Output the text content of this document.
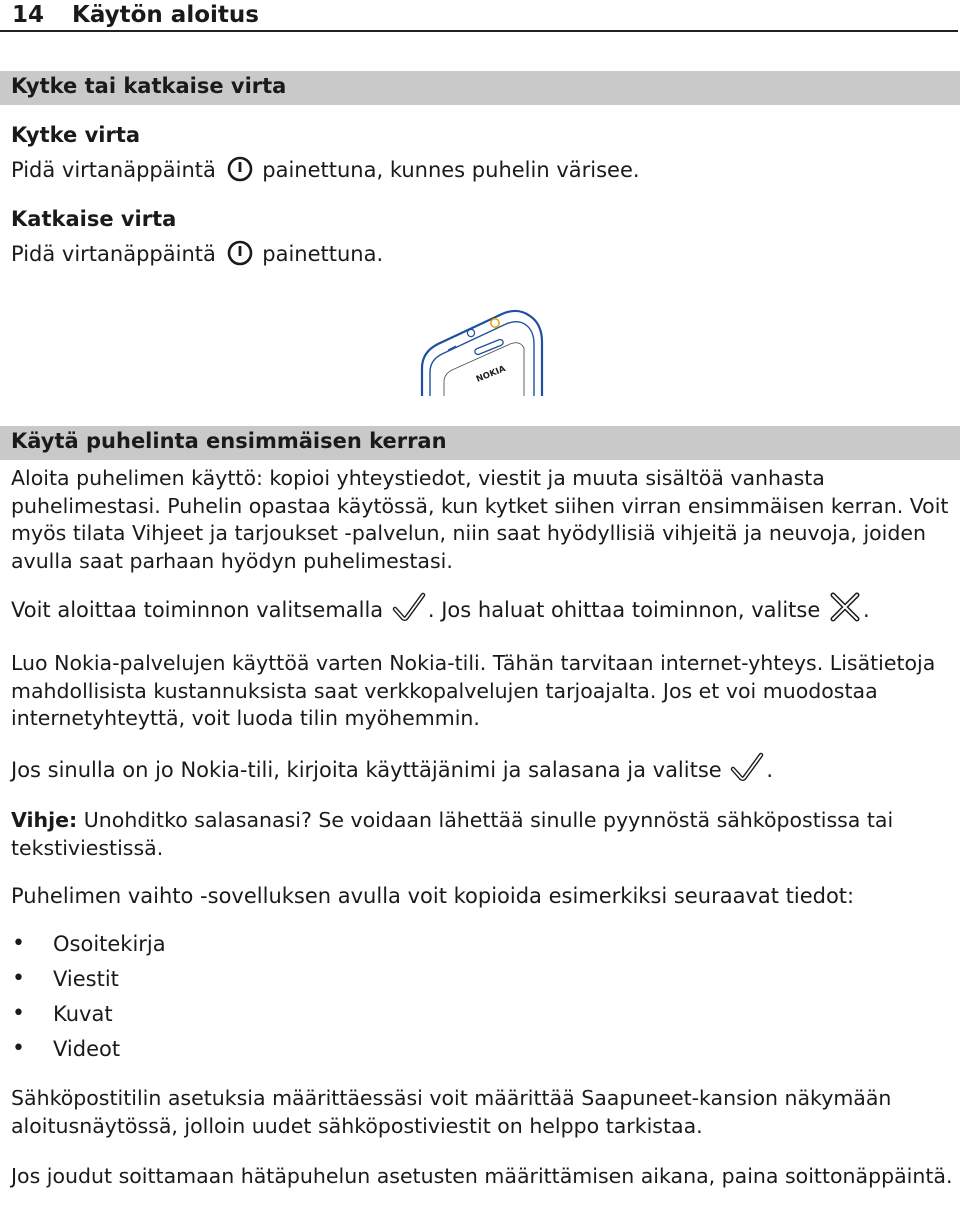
14 Käytön aloitus
Kytke tai katkaise virta
Kytke virta
Pidä virtanäppäintä painettuna, kunnes puhelin värisee.
Katkaise virta
Pidä virtanäppäintä painettuna.
NOKIA
Käytä puhelinta ensimmäisen kerran
Aloita puhelimen käyttö: kopioi yhteystiedot, viestit ja muuta sisältöä vanhasta puhelimestasi. Puhelin opastaa käytössä, kun kytket siihen virran ensimmäisen kerran. Voit myös tilata Vihjeet ja tarjoukset -palvelun, niin saat hyödyllisiä vihjeitä ja neuvoja, joiden avulla saat parhaan hyödyn puhelimestasi.
Voit aloittaa toiminnon valitsemalla . Jos haluat ohittaa toiminnon, valitse .
Luo Nokia-palvelujen käyttöä varten Nokia-tili. Tähän tarvitaan internet-yhteys. Lisätietoja mahdollisista kustannuksista saat verkkopalvelujen tarjoajalta. Jos et voi muodostaa internetyhteyttä, voit luoda tilin myöhemmin.
Jos sinulla on jo Nokia-tili, kirjoita käyttäjänimi ja salasana ja valitse .
Vihje: Unohditko salasanasi? Se voidaan lähettää sinulle pyynnöstä sähköpostissa tai tekstiviestissä.
Puhelimen vaihto -sovelluksen avulla voit kopioida esimerkiksi seuraavat tiedot:
• Osoitekirja
• Viestit
• Kuvat
• Videot
Sähköpostitilin asetuksia määrittäessäsi voit määrittää Saapuneet-kansion näkymään aloitusnäytössä, jolloin uudet sähköpostiviestit on helppo tarkistaa.
Jos joudut soittamaan hätäpuhelun asetusten määrittämisen aikana, paina soittonäppäintä.
